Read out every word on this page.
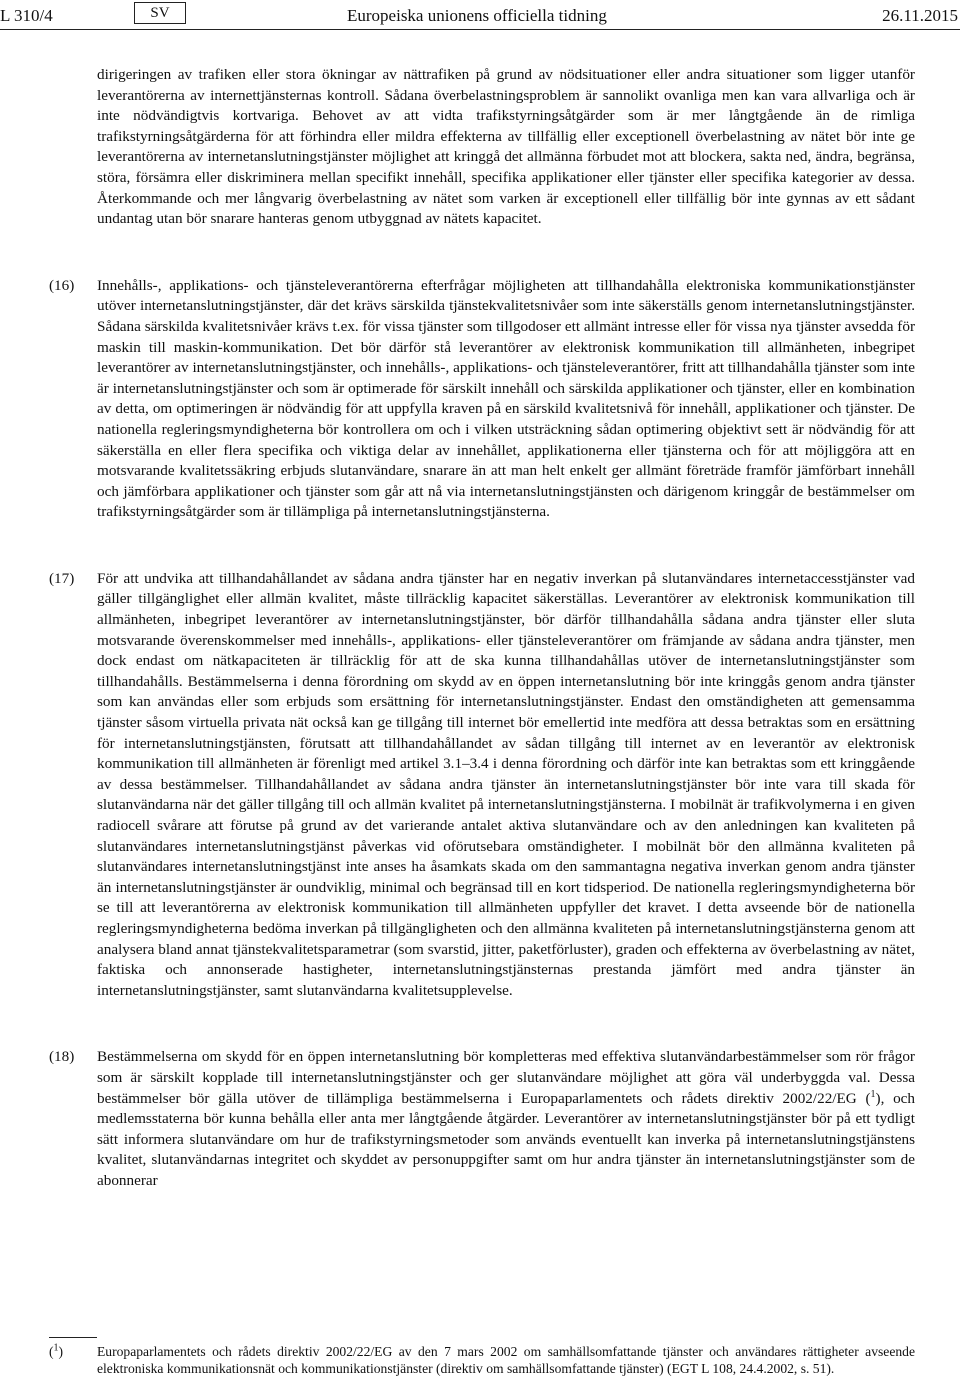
L 310/4	SV	Europeiska unionens officiella tidning	26.11.2015
dirigeringen av trafiken eller stora ökningar av nättrafiken på grund av nödsituationer eller andra situationer som ligger utanför leverantörerna av internettjänsternas kontroll. Sådana överbelastningsproblem är sannolikt ovanliga men kan vara allvarliga och är inte nödvändigtvis kortvariga. Behovet av att vidta trafikstyrningsåtgärder som är mer långtgående än de rimliga trafikstyrningsåtgärderna för att förhindra eller mildra effekterna av tillfällig eller exceptionell överbelastning av nätet bör inte ge leverantörerna av internetanslutningstjänster möjlighet att kringgå det allmänna förbudet mot att blockera, sakta ned, ändra, begränsa, störa, försämra eller diskriminera mellan specifikt innehåll, specifika applikationer eller tjänster eller specifika kategorier av dessa. Återkommande och mer långvarig överbelastning av nätet som varken är exceptionell eller tillfällig bör inte gynnas av ett sådant undantag utan bör snarare hanteras genom utbyggnad av nätets kapacitet.
(16) Innehålls-, applikations- och tjänsteleverantörerna efterfrågar möjligheten att tillhandahålla elektroniska kommunikationstjänster utöver internetanslutningstjänster, där det krävs särskilda tjänstekvalitetsnivåer som inte säkerställs genom internetanslutningstjänster. Sådana särskilda kvalitetsnivåer krävs t.ex. för vissa tjänster som tillgodoser ett allmänt intresse eller för vissa nya tjänster avsedda för maskin till maskin-kommunikation. Det bör därför stå leverantörer av elektronisk kommunikation till allmänheten, inbegripet leverantörer av internetanslutningstjänster, och innehålls-, applikations- och tjänsteleverantörer, fritt att tillhandahålla tjänster som inte är internetanslutningstjänster och som är optimerade för särskilt innehåll och särskilda applikationer och tjänster, eller en kombination av detta, om optimeringen är nödvändig för att uppfylla kraven på en särskild kvalitetsnivå för innehåll, applikationer och tjänster. De nationella regleringsmyndigheterna bör kontrollera om och i vilken utsträckning sådan optimering objektivt sett är nödvändig för att säkerställa en eller flera specifika och viktiga delar av innehållet, applikationerna eller tjänsterna och för att möjliggöra att en motsvarande kvalitetssäkring erbjuds slutanvändare, snarare än att man helt enkelt ger allmänt företräde framför jämförbart innehåll och jämförbara applikationer och tjänster som går att nå via internetanslutningstjänsten och därigenom kringgår de bestämmelser om trafikstyrningsåtgärder som är tillämpliga på internetanslutningstjänsterna.
(17) För att undvika att tillhandahållandet av sådana andra tjänster har en negativ inverkan på slutanvändares internetaccesstjänster vad gäller tillgänglighet eller allmän kvalitet, måste tillräcklig kapacitet säkerställas. Leverantörer av elektronisk kommunikation till allmänheten, inbegripet leverantörer av internetanslutningstjänster, bör därför tillhandahålla sådana andra tjänster eller sluta motsvarande överenskommelser med innehålls-, applikations- eller tjänsteleverantörer om främjande av sådana andra tjänster, men dock endast om nätkapaciteten är tillräcklig för att de ska kunna tillhandahållas utöver de internetanslutningstjänster som tillhandahålls. Bestämmelserna i denna förordning om skydd av en öppen internetanslutning bör inte kringgås genom andra tjänster som kan användas eller som erbjuds som ersättning för internetanslutningstjänster. Endast den omständigheten att gemensamma tjänster såsom virtuella privata nät också kan ge tillgång till internet bör emellertid inte medföra att dessa betraktas som en ersättning för internetanslutningstjänsten, förutsatt att tillhandahållandet av sådan tillgång till internet av en leverantör av elektronisk kommunikation till allmänheten är förenligt med artikel 3.1–3.4 i denna förordning och därför inte kan betraktas som ett kringgående av dessa bestämmelser. Tillhandahållandet av sådana andra tjänster än internetanslutningstjänster bör inte vara till skada för slutanvändarna när det gäller tillgång till och allmän kvalitet på internetanslutningstjänsterna. I mobilnät är trafikvolymerna i en given radiocell svårare att förutse på grund av det varierande antalet aktiva slutanvändare och av den anledningen kan kvaliteten på slutanvändares internetanslutningstjänst påverkas vid oförutsebara omständigheter. I mobilnät bör den allmänna kvaliteten på slutanvändares internetanslutningstjänst inte anses ha åsamkats skada om den sammantagna negativa inverkan genom andra tjänster än internetanslutningstjänster är oundviklig, minimal och begränsad till en kort tidsperiod. De nationella regleringsmyndigheterna bör se till att leverantörerna av elektronisk kommunikation till allmänheten uppfyller det kravet. I detta avseende bör de nationella regleringsmyndigheterna bedöma inverkan på tillgängligheten och den allmänna kvaliteten på internetanslutningstjänsterna genom att analysera bland annat tjänstekvalitetsparametrar (som svarstid, jitter, paketförluster), graden och effekterna av överbelastning av nätet, faktiska och annonserade hastigheter, internetanslutningstjänsternas prestanda jämfört med andra tjänster än internetanslutningstjänster, samt slutanvändarna kvalitetsupplevelse.
(18) Bestämmelserna om skydd för en öppen internetanslutning bör kompletteras med effektiva slutanvändarbestämmelser som rör frågor som är särskilt kopplade till internetanslutningstjänster och ger slutanvändare möjlighet att göra väl underbyggda val. Dessa bestämmelser bör gälla utöver de tillämpliga bestämmelserna i Europaparlamentets och rådets direktiv 2002/22/EG ($^1$), och medlemsstaterna bör kunna behålla eller anta mer långtgående åtgärder. Leverantörer av internetanslutningstjänster bör på ett tydligt sätt informera slutanvändare om hur de trafikstyrningsmetoder som används eventuellt kan inverka på internetanslutningstjänstens kvalitet, slutanvändarnas integritet och skyddet av personuppgifter samt om hur andra tjänster än internetanslutningstjänster som de abonnerar
($^1$) Europaparlamentets och rådets direktiv 2002/22/EG av den 7 mars 2002 om samhällsomfattande tjänster och användares rättigheter avseende elektroniska kommunikationsnät och kommunikationstjänster (direktiv om samhällsomfattande tjänster) (EGT L 108, 24.4.2002, s. 51).
